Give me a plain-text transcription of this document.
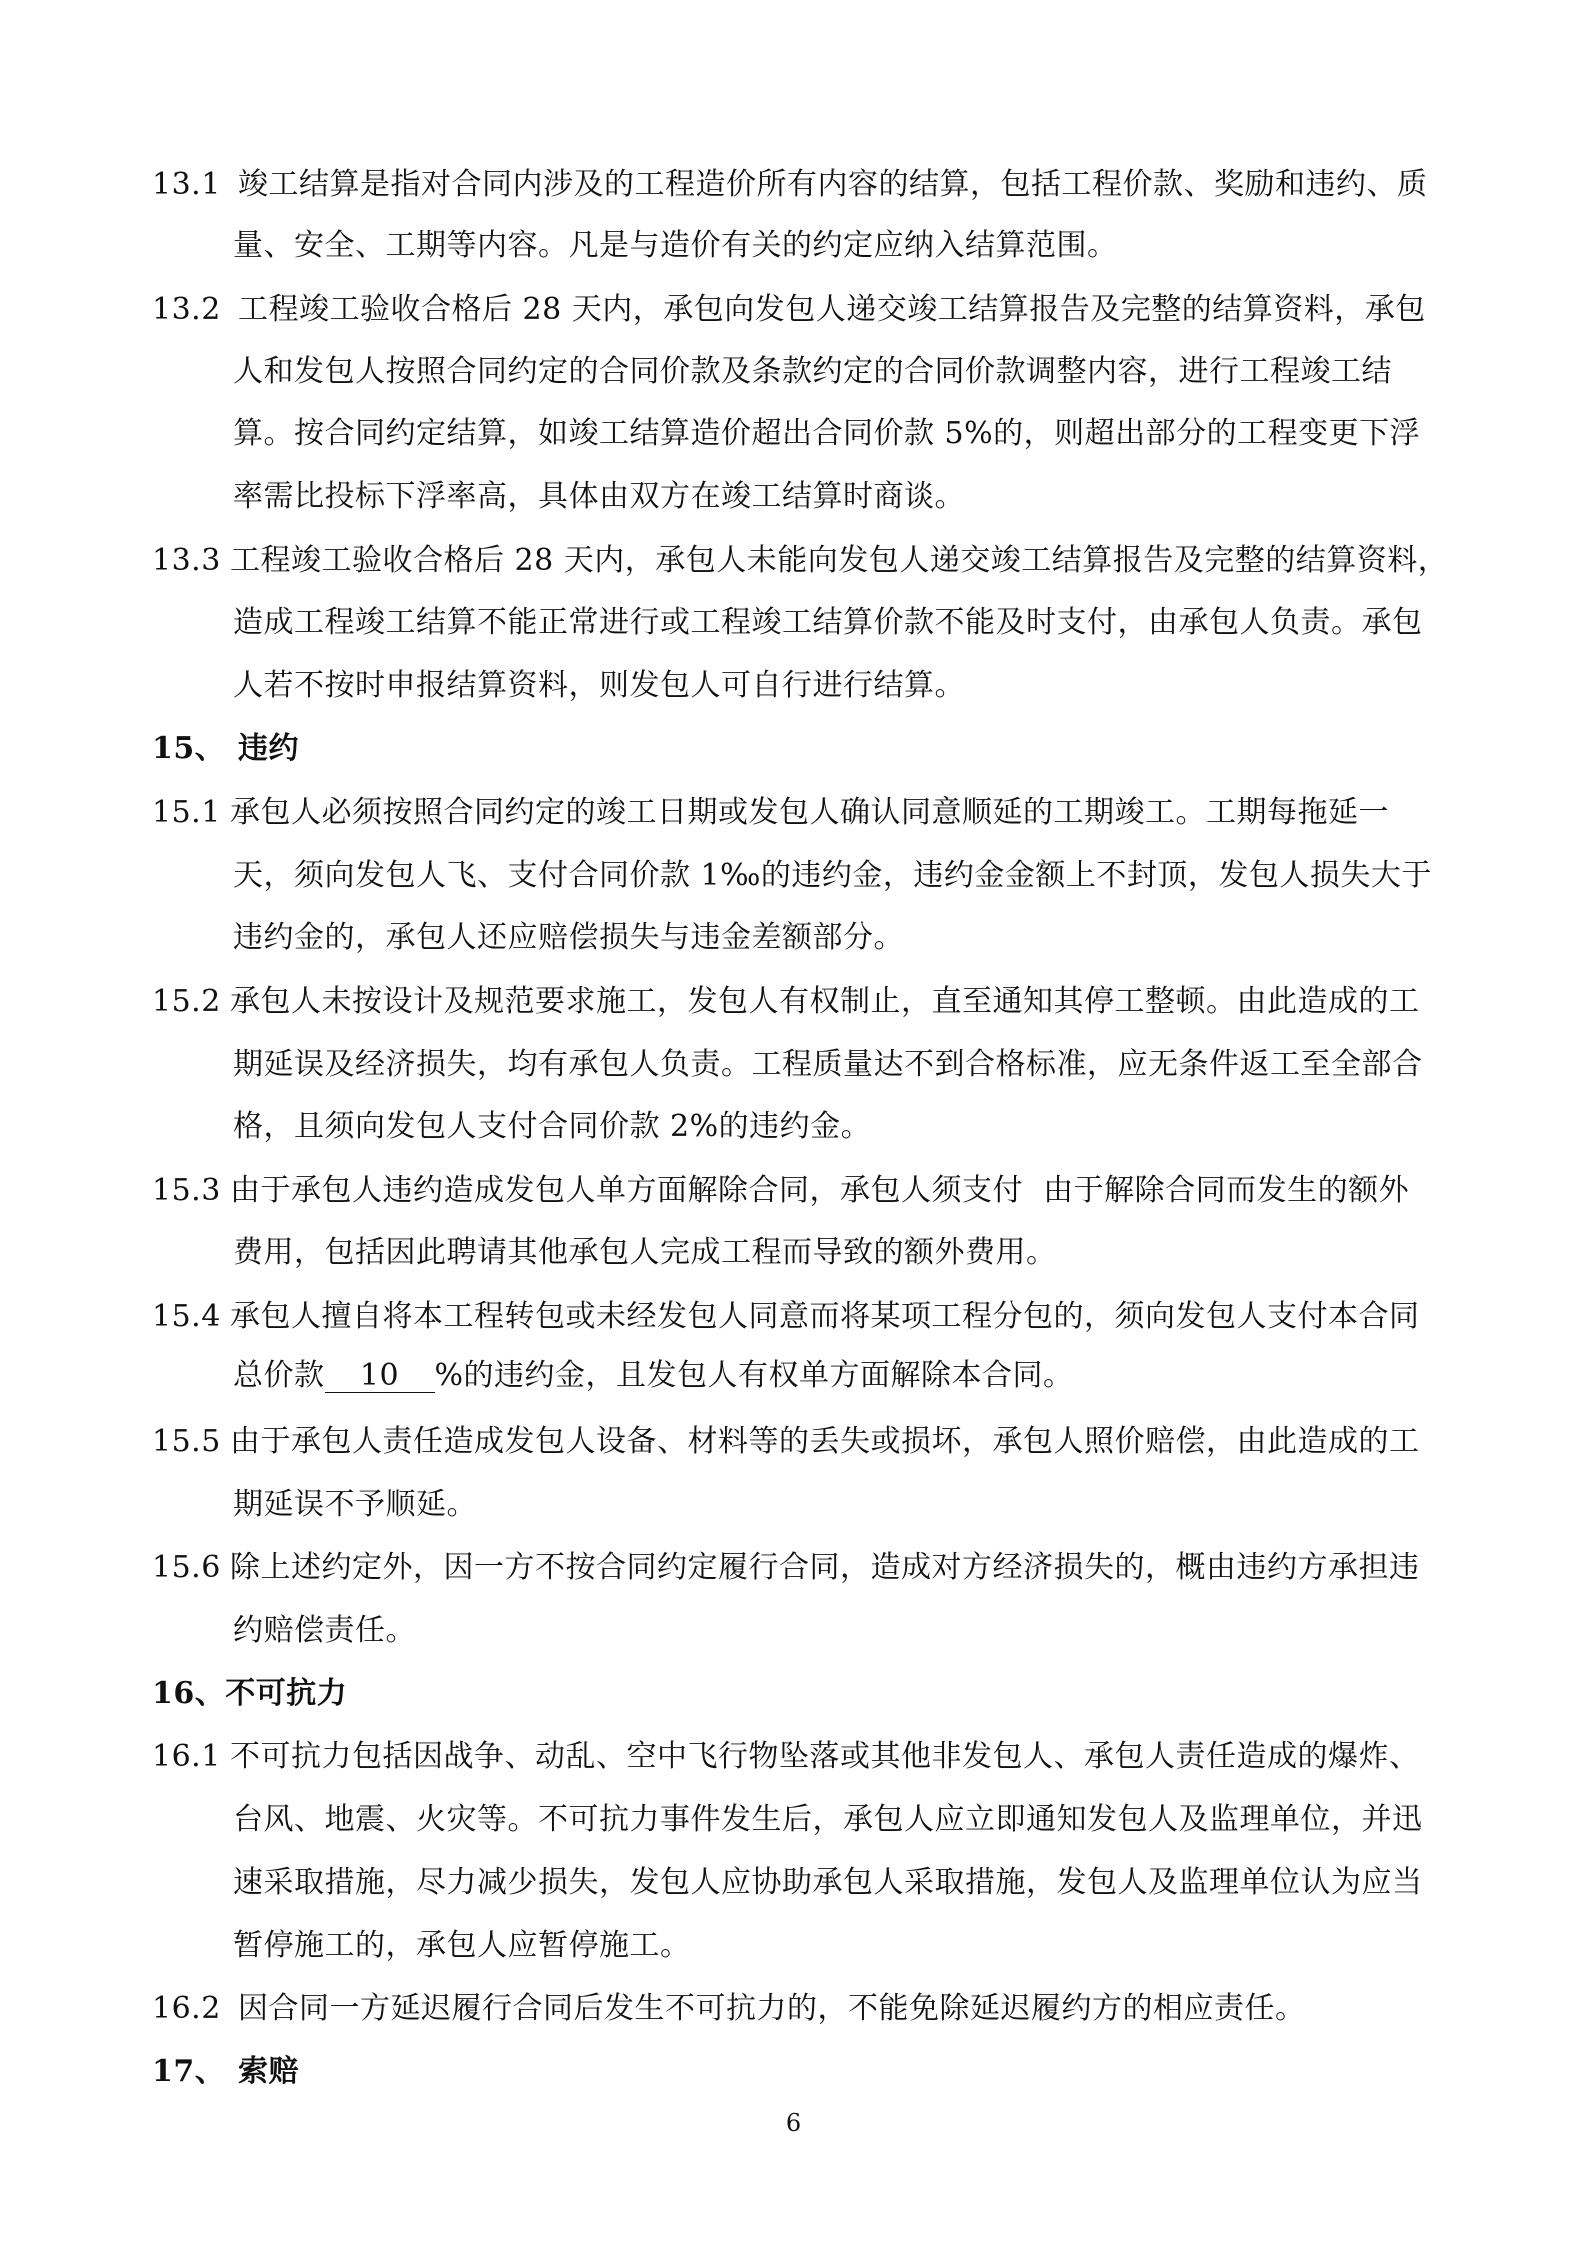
13.1 竣工结算是指对合同内涉及的工程造价所有内容的结算，包括工程价款、奖励和违约、质
量、安全、工期等内容。凡是与造价有关的约定应纳入结算范围。
13.2 工程竣工验收合格后 28 天内，承包向发包人递交竣工结算报告及完整的结算资料，承包
人和发包人按照合同约定的合同价款及条款约定的合同价款调整内容，进行工程竣工结
算。按合同约定结算，如竣工结算造价超出合同价款 5%的，则超出部分的工程变更下浮
率需比投标下浮率高，具体由双方在竣工结算时商谈。
13.3 工程竣工验收合格后 28 天内，承包人未能向发包人递交竣工结算报告及完整的结算资料，
造成工程竣工结算不能正常进行或工程竣工结算价款不能及时支付，由承包人负责。承包
人若不按时申报结算资料，则发包人可自行进行结算。
15、 违约
15.1 承包人必须按照合同约定的竣工日期或发包人确认同意顺延的工期竣工。工期每拖延一
天，须向发包人飞、支付合同价款 1‰的违约金，违约金金额上不封顶，发包人损失大于
违约金的，承包人还应赔偿损失与违金差额部分。
15.2 承包人未按设计及规范要求施工，发包人有权制止，直至通知其停工整顿。由此造成的工
期延误及经济损失，均有承包人负责。工程质量达不到合格标准，应无条件返工至全部合
格，且须向发包人支付合同价款 2%的违约金。
15.3 由于承包人违约造成发包人单方面解除合同，承包人须支付  由于解除合同而发生的额外
费用，包括因此聘请其他承包人完成工程而导致的额外费用。
15.4 承包人擅自将本工程转包或未经发包人同意而将某项工程分包的，须向发包人支付本合同
总价款 10 %的违约金，且发包人有权单方面解除本合同。
15.5 由于承包人责任造成发包人设备、材料等的丢失或损坏，承包人照价赔偿，由此造成的工
期延误不予顺延。
15.6 除上述约定外，因一方不按合同约定履行合同，造成对方经济损失的，概由违约方承担违
约赔偿责任。
16、不可抗力
16.1 不可抗力包括因战争、动乱、空中飞行物坠落或其他非发包人、承包人责任造成的爆炸、
台风、地震、火灾等。不可抗力事件发生后，承包人应立即通知发包人及监理单位，并迅
速采取措施，尽力减少损失，发包人应协助承包人采取措施，发包人及监理单位认为应当
暂停施工的，承包人应暂停施工。
16.2 因合同一方延迟履行合同后发生不可抗力的，不能免除延迟履约方的相应责任。
17、 索赔
6
